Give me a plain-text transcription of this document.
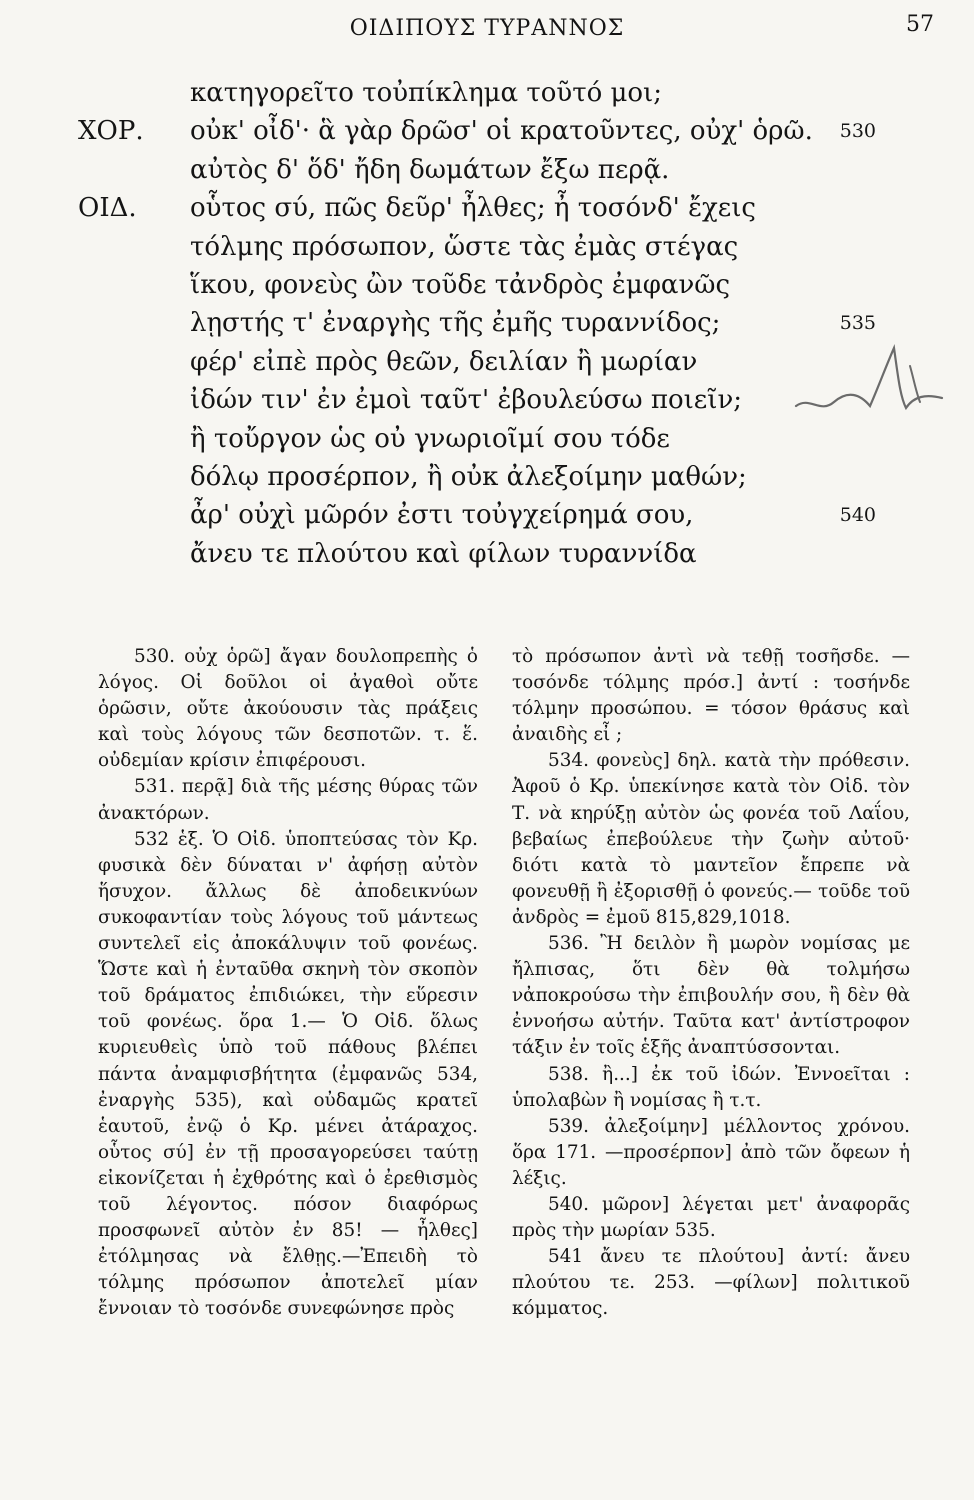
ΟΙΔΙΠΟΥΣ ΤΥΡΑΝΝΟΣ	57
κατηγορεῖτο τοὐπίκλημα τοῦτό μοι;
ΧΟΡ. οὐκ' οἶδ'· ἃ γὰρ δρῶσ' οἱ κρατοῦντες, οὐχ' ὁρῶ. 530
αὐτὸς δ' ὅδ' ἤδη δωμάτων ἔξω περᾷ.
ΟΙΔ. οὗτος σύ, πῶς δεῦρ' ἦλθες; ἦ τοσόνδ' ἔχεις
τόλμης πρόσωπον, ὥστε τὰς ἐμὰς στέγας
ἵκου, φονεὺς ὢν τοῦδε τἀνδρὸς ἐμφανῶς
λῃστής τ' ἐναργὴς τῆς ἐμῆς τυραννίδος;	535
φέρ' εἰπὲ πρὸς θεῶν, δειλίαν ἢ μωρίαν
ἰδών τιν' ἐν ἐμοὶ ταῦτ' ἐβουλεύσω ποιεῖν;
ἢ τοὔργον ὡς οὐ γνωριοῖμί σου τόδε
δόλῳ προσέρπον, ἢ οὐκ ἀλεξοίμην μαθών;
ἆρ' οὐχὶ μῶρόν ἐστι τοὐγχείρημά σου,	540
ἄνευ τε πλούτου καὶ φίλων τυραννίδα

530. οὐχ ὁρῶ] ἄγαν δουλοπρεπὴς ὁ λόγος. Οἱ δοῦλοι οἱ ἀγαθοὶ οὔτε ὁρῶσιν, οὔτε ἀκούουσιν τὰς πράξεις καὶ τοὺς λόγους τῶν δεσποτῶν. τ. ἕ. οὐδεμίαν κρίσιν ἐπιφέρουσι.

531. περᾷ] διὰ τῆς μέσης θύρας τῶν ἀνακτόρων.

532 ἑξ. Ὁ Οἰδ. ὑποπτεύσας τὸν Κρ. φυσικὰ δὲν δύναται ν' ἀφήσῃ αὐτὸν ἥσυχον. ἄλλως δὲ ἀποδεικνύων συκοφαντίαν τοὺς λόγους τοῦ μάντεως συντελεῖ εἰς ἀποκάλυψιν τοῦ φονέως. Ὥστε καὶ ἡ ἐνταῦθα σκηνὴ τὸν σκοπὸν τοῦ δράματος ἐπιδιώκει, τὴν εὕρεσιν τοῦ φονέως. ὅρα 1.— Ὁ Οἰδ. ὅλως κυριευθεὶς ὑπὸ τοῦ πάθους βλέπει πάντα ἀναμφισβήτητα (ἐμφανῶς 534, ἐναργὴς 535), καὶ οὐδαμῶς κρατεῖ ἑαυτοῦ, ἐνῷ ὁ Κρ. μένει ἀτάραχος. οὗτος σύ] ἐν τῇ προσαγορεύσει ταύτῃ εἰκονίζεται ἡ ἐχθρότης καὶ ὁ ἐρεθισμὸς τοῦ λέγοντος. πόσον διαφόρως προσφωνεῖ αὐτὸν ἐν 85! — ἦλθες] ἐτόλμησας νὰ ἔλθῃς.—Ἐπειδὴ τὸ τόλμης πρόσωπον ἀποτελεῖ μίαν ἔννοιαν τὸ τοσόνδε συνεφώνησε πρὸς

τὸ πρόσωπον ἀντὶ νὰ τεθῇ τοσῆσδε. —τοσόνδε τόλμης πρόσ.] ἀντί : τοσήνδε τόλμην προσώπου. = τόσον θράσυς καὶ ἀναιδὴς εἶ ;

534. φονεὺς] δηλ. κατὰ τὴν πρόθεσιν. Ἀφοῦ ὁ Κρ. ὑπεκίνησε κατὰ τὸν Οἰδ. τὸν Τ. νὰ κηρύξῃ αὐτὸν ὡς φονέα τοῦ Λαΐου, βεβαίως ἐπεβούλευε τὴν ζωὴν αὐτοῦ· διότι κατὰ τὸ μαντεῖον ἔπρεπε νὰ φονευθῇ ἢ ἐξορισθῇ ὁ φονεύς.— τοῦδε τοῦ ἀνδρὸς = ἐμοῦ 815,829,1018.

536. Ἢ δειλὸν ἢ μωρὸν νομίσας με ἤλπισας, ὅτι δὲν θὰ τολμήσω νἀποκρούσω τὴν ἐπιβουλήν σου, ἢ δὲν θὰ ἐννοήσω αὐτήν. Ταῦτα κατ' ἀντίστροφον τάξιν ἐν τοῖς ἑξῆς ἀναπτύσσονται.

538. ἢ...] ἐκ τοῦ ἰδών. Ἐννοεῖται : ὑπολαβὼν ἢ νομίσας ἢ τ.τ.

539. ἀλεξοίμην] μέλλοντος χρόνου. ὅρα 171. —προσέρπον] ἀπὸ τῶν ὄφεων ἡ λέξις.

540. μῶρον] λέγεται μετ' ἀναφορᾶς πρὸς τὴν μωρίαν 535.

541 ἄνευ τε πλούτου] ἀντί: ἄνευ πλούτου τε. 253. —φίλων] πολιτικοῦ κόμματος.
